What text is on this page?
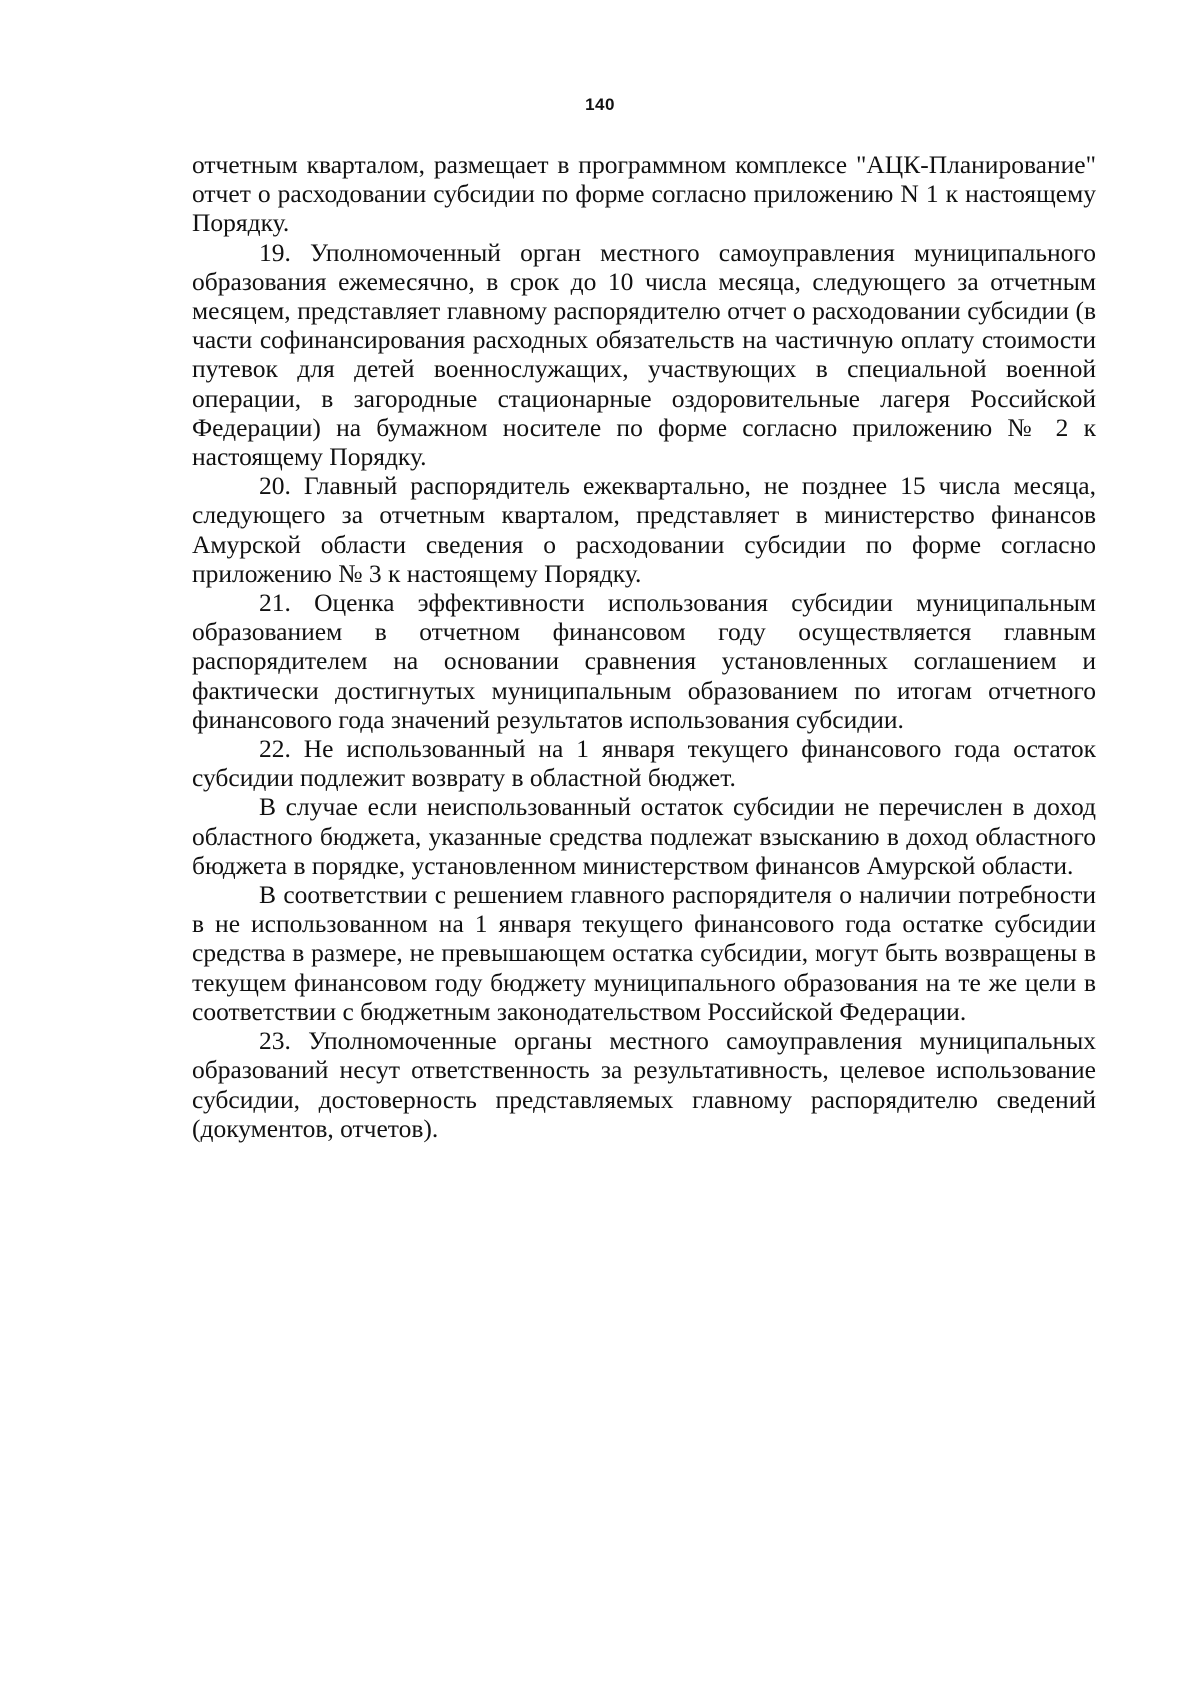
140

отчетным кварталом, размещает в программном комплексе "АЦК-Планирование" отчет о расходовании субсидии по форме согласно приложению N 1 к настоящему Порядку.

19. Уполномоченный орган местного самоуправления муниципального образования ежемесячно, в срок до 10 числа месяца, следующего за отчетным месяцем, представляет главному распорядителю отчет о расходовании субсидии (в части софинансирования расходных обязательств на частичную оплату стоимости путевок для детей военнослужащих, участвующих в специальной военной операции, в загородные стационарные оздоровительные лагеря Российской Федерации) на бумажном носителе по форме согласно приложению № 2 к настоящему Порядку.

20. Главный распорядитель ежеквартально, не позднее 15 числа месяца, следующего за отчетным кварталом, представляет в министерство финансов Амурской области сведения о расходовании субсидии по форме согласно приложению № 3 к настоящему Порядку.

21. Оценка эффективности использования субсидии муниципальным образованием в отчетном финансовом году осуществляется главным распорядителем на основании сравнения установленных соглашением и фактически достигнутых муниципальным образованием по итогам отчетного финансового года значений результатов использования субсидии.

22. Не использованный на 1 января текущего финансового года остаток субсидии подлежит возврату в областной бюджет.

В случае если неиспользованный остаток субсидии не перечислен в доход областного бюджета, указанные средства подлежат взысканию в доход областного бюджета в порядке, установленном министерством финансов Амурской области.

В соответствии с решением главного распорядителя о наличии потребности в не использованном на 1 января текущего финансового года остатке субсидии средства в размере, не превышающем остатка субсидии, могут быть возвращены в текущем финансовом году бюджету муниципального образования на те же цели в соответствии с бюджетным законодательством Российской Федерации.

23. Уполномоченные органы местного самоуправления муниципальных образований несут ответственность за результативность, целевое использование субсидии, достоверность представляемых главному распорядителю сведений (документов, отчетов).
